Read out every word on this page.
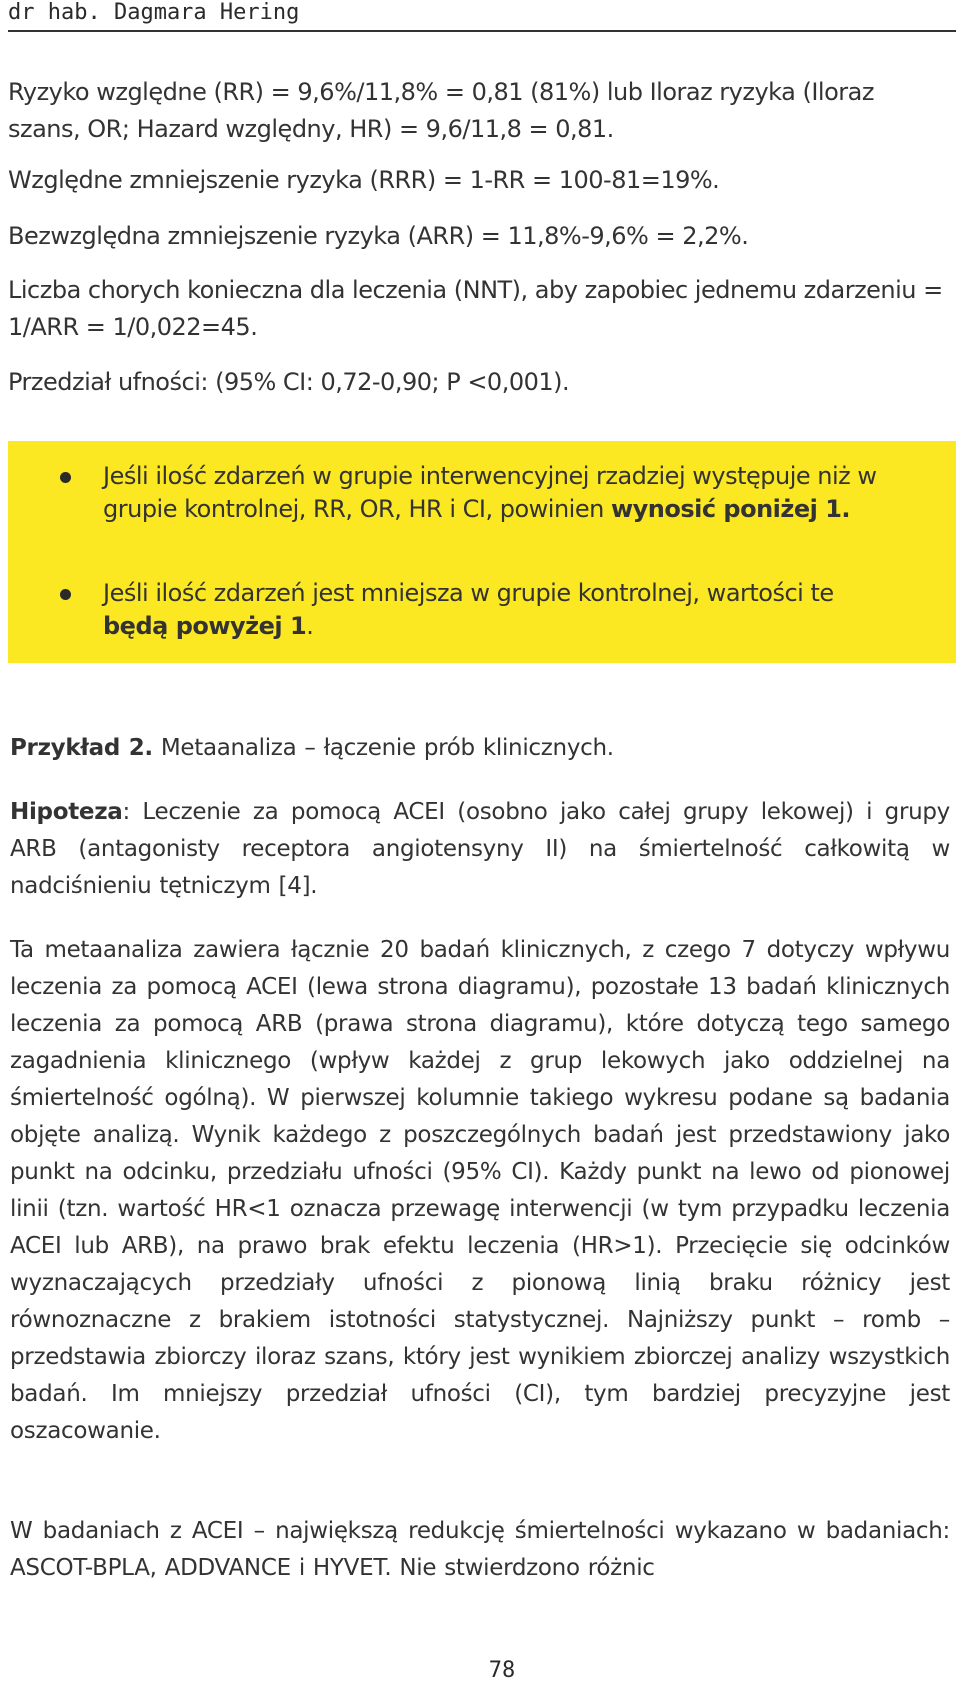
dr hab. Dagmara Hering
Ryzyko względne (RR) = 9,6%/11,8% = 0,81 (81%) lub Iloraz ryzyka (Iloraz szans, OR; Hazard względny, HR) = 9,6/11,8 = 0,81.
Względne zmniejszenie ryzyka (RRR) = 1-RR = 100-81=19%.
Bezwzględna zmniejszenie ryzyka (ARR) = 11,8%-9,6% = 2,2%.
Liczba chorych konieczna dla leczenia (NNT), aby zapobiec jednemu zdarzeniu = 1/ARR = 1/0,022=45.
Przedział ufności: (95% CI: 0,72-0,90; P <0,001).
Jeśli ilość zdarzeń w grupie interwencyjnej rzadziej występuje niż w grupie kontrolnej, RR, OR, HR i CI, powinien wynosić poniżej 1.
Jeśli ilość zdarzeń jest mniejsza w grupie kontrolnej, wartości te będą powyżej 1.
Przykład 2. Metaanaliza – łączenie prób klinicznych.
Hipoteza: Leczenie za pomocą ACEI (osobno jako całej grupy lekowej) i grupy ARB (antagonisty receptora angiotensyny II) na śmiertelność całkowitą w nadciśnieniu tętniczym [4].
Ta metaanaliza zawiera łącznie 20 badań klinicznych, z czego 7 dotyczy wpływu leczenia za pomocą ACEI (lewa strona diagramu), pozostałe 13 badań klinicznych leczenia za pomocą ARB (prawa strona diagramu), które dotyczą tego samego zagadnienia klinicznego (wpływ każdej z grup lekowych jako oddzielnej na śmiertelność ogólną). W pierwszej kolumnie takiego wykresu podane są badania objęte analizą. Wynik każdego z poszczególnych badań jest przedstawiony jako punkt na odcinku, przedziału ufności (95% CI). Każdy punkt na lewo od pionowej linii (tzn. wartość HR<1 oznacza przewagę interwencji (w tym przypadku leczenia ACEI lub ARB), na prawo brak efektu leczenia (HR>1). Przecięcie się odcinków wyznaczających przedziały ufności z pionową linią braku różnicy jest równoznaczne z brakiem istotności statystycznej. Najniższy punkt – romb – przedstawia zbiorczy iloraz szans, który jest wynikiem zbiorczej analizy wszystkich badań. Im mniejszy przedział ufności (CI), tym bardziej precyzyjne jest oszacowanie.
W badaniach z ACEI – największą redukcję śmiertelności wykazano w badaniach: ASCOT-BPLA, ADDVANCE i HYVET. Nie stwierdzono różnic
78
